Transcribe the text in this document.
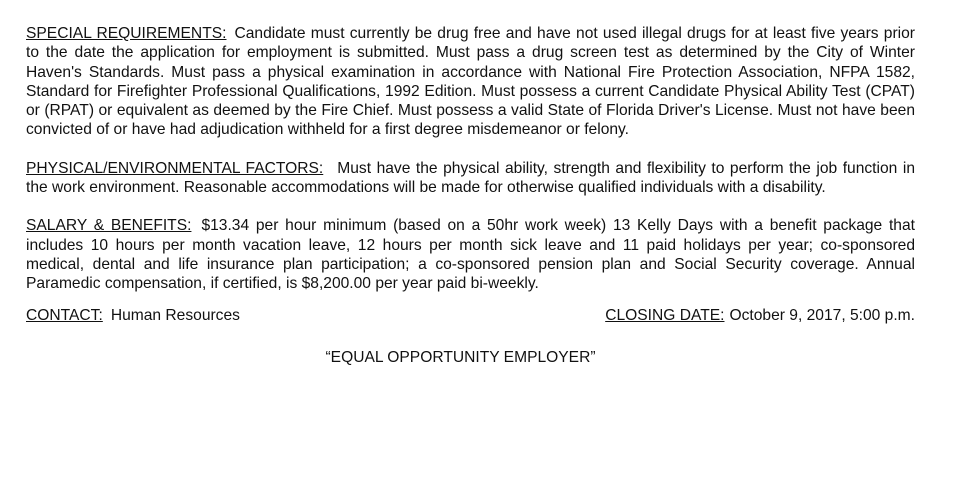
SPECIAL REQUIREMENTS: Candidate must currently be drug free and have not used illegal drugs for at least five years prior to the date the application for employment is submitted. Must pass a drug screen test as determined by the City of Winter Haven's Standards. Must pass a physical examination in accordance with National Fire Protection Association, NFPA 1582, Standard for Firefighter Professional Qualifications, 1992 Edition. Must possess a current Candidate Physical Ability Test (CPAT) or (RPAT) or equivalent as deemed by the Fire Chief. Must possess a valid State of Florida Driver's License. Must not have been convicted of or have had adjudication withheld for a first degree misdemeanor or felony.

PHYSICAL/ENVIRONMENTAL FACTORS: Must have the physical ability, strength and flexibility to perform the job function in the work environment. Reasonable accommodations will be made for otherwise qualified individuals with a disability.

SALARY & BENEFITS: $13.34 per hour minimum (based on a 50hr work week) 13 Kelly Days with a benefit package that includes 10 hours per month vacation leave, 12 hours per month sick leave and 11 paid holidays per year; co-sponsored medical, dental and life insurance plan participation; a co-sponsored pension plan and Social Security coverage. Annual Paramedic compensation, if certified, is $8,200.00 per year paid bi-weekly.

CONTACT: Human Resources	CLOSING DATE: October 9, 2017, 5:00 p.m.
“EQUAL OPPORTUNITY EMPLOYER”
